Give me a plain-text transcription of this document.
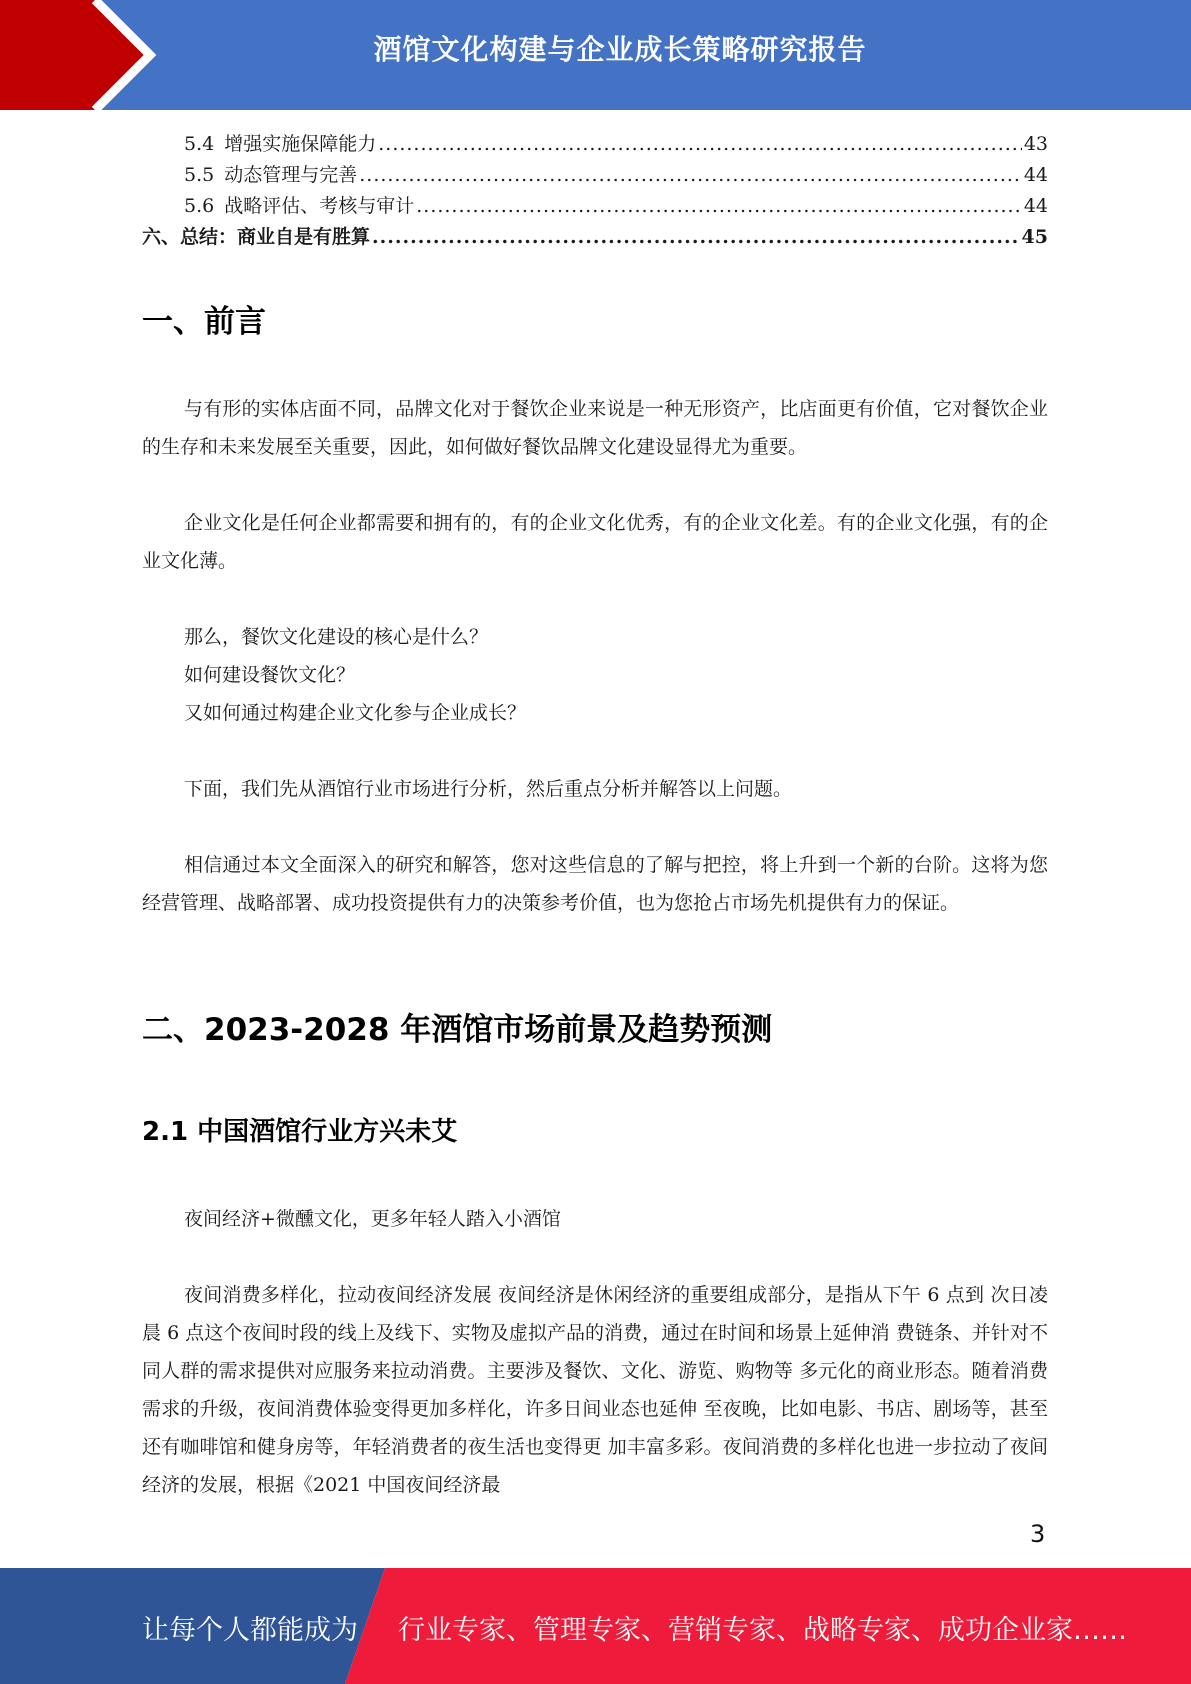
酒馆文化构建与企业成长策略研究报告
5.4 增强实施保障能力 .....	43
5.5 动态管理与完善 .....	44
5.6 战略评估、考核与审计 .....	44
六、总结：商业自是有胜算 .....	45
一、前言

与有形的实体店面不同，品牌文化对于餐饮企业来说是一种无形资产，比店面更有价值，它对餐饮企业的生存和未来发展至关重要，因此，如何做好餐饮品牌文化建设显得尤为重要。

企业文化是任何企业都需要和拥有的，有的企业文化优秀，有的企业文化差。有的企业文化强，有的企业文化薄。

那么，餐饮文化建设的核心是什么？
如何建设餐饮文化？
又如何通过构建企业文化参与企业成长？

下面，我们先从酒馆行业市场进行分析，然后重点分析并解答以上问题。

相信通过本文全面深入的研究和解答，您对这些信息的了解与把控，将上升到一个新的台阶。这将为您经营管理、战略部署、成功投资提供有力的决策参考价值，也为您抢占市场先机提供有力的保证。

二、2023-2028 年酒馆市场前景及趋势预测
2.1 中国酒馆行业方兴未艾
夜间经济+微醺文化，更多年轻人踏入小酒馆

夜间消费多样化，拉动夜间经济发展 夜间经济是休闲经济的重要组成部分，是指从下午 6 点到 次日凌晨 6 点这个夜间时段的线上及线下、实物及虚拟产品的消费，通过在时间和场景上延伸消 费链条、并针对不同人群的需求提供对应服务来拉动消费。主要涉及餐饮、文化、游览、购物等 多元化的商业形态。随着消费需求的升级，夜间消费体验变得更加多样化，许多日间业态也延伸 至夜晚，比如电影、书店、剧场等，甚至还有咖啡馆和健身房等，年轻消费者的夜生活也变得更 加丰富多彩。夜间消费的多样化也进一步拉动了夜间经济的发展，根据《2021 中国夜间经济最

3
让每个人都能成为 行业专家、管理专家、营销专家、战略专家、成功企业家……
